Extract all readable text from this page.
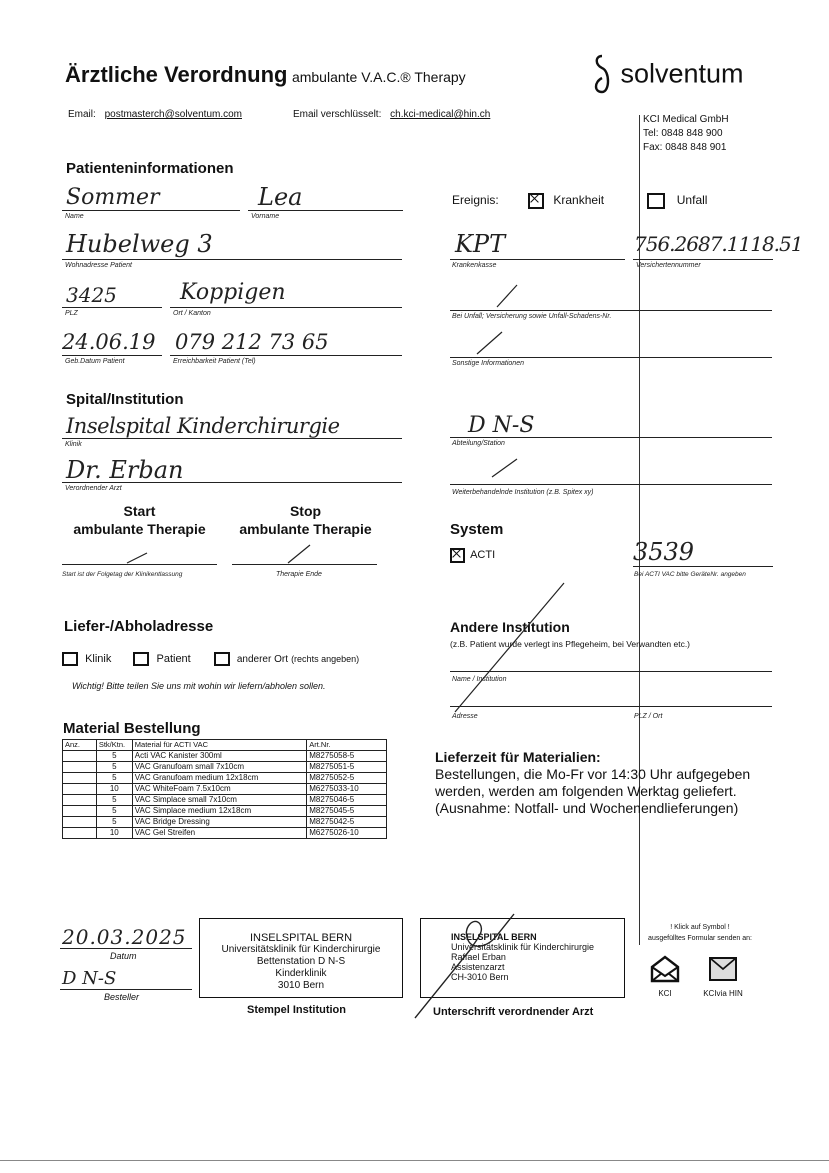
Ärztliche Verordnung ambulante V.A.C.® Therapy	solventum
Email: postmasterch@solventum.com	Email verschlüsselt: ch.kci-medical@hin.ch	KCI Medical GmbH
Tel: 0848 848 900
Fax: 0848 848 901
Patienteninformationen
Sommer
Name
Lea
Vorname
Hubelweg 3
Wohnadresse Patient
3425
PLZ
Koppigen
Ort / Kanton
24.06.19
Geb.Datum Patient
079 212 73 65
Erreichbarkeit Patient (Tel)
Ereignis:	Krankheit	Unfall
KPT
Krankenkasse
756.2687.1118.51
Versichertennummer
Bei Unfall; Versicherung sowie Unfall-Schadens-Nr.
Sonstige Informationen
Spital/Institution
Inselspital Kinderchirurgie
Klinik
Dr. Erban
Verordnender Arzt
D N-S
Abteilung/Station
Weiterbehandelnde Institution (z.B. Spitex xy)
Start
ambulante Therapie
Stop
ambulante Therapie
Start ist der Folgetag der Klinikentlassung	Therapie Ende
System
ACTI	3539
Bei ACTI VAC bitte GeräteNr. angeben
Liefer-/Abholadresse
Klinik	Patient	anderer Ort (rechts angeben)
Wichtig! Bitte teilen Sie uns mit wohin wir liefern/abholen sollen.
Andere Institution
(z.B. Patient wurde verlegt ins Pflegeheim, bei Verwandten etc.)
Name / Institution
Adresse	PLZ / Ort
Material Bestellung
Anz.	Stk/Ktn.	Material für ACTI VAC	Art.Nr.
	5	Acti VAC Kanister 300ml	M8275058-5
	5	VAC Granufoam small 7x10cm	M8275051-5
	5	VAC Granufoam medium 12x18cm	M8275052-5
	10	VAC WhiteFoam 7.5x10cm	M6275033-10
	5	VAC Simplace small 7x10cm	M8275046-5
	5	VAC Simplace medium 12x18cm	M8275045-5
	5	VAC Bridge Dressing	M8275042-5
	10	VAC Gel Streifen	M6275026-10
Lieferzeit für Materialien:
Bestellungen, die Mo-Fr vor 14:30 Uhr aufgegeben
werden, werden am folgenden Werktag geliefert.
(Ausnahme: Notfall- und Wochenendlieferungen)
20.03.2025
Datum
D N-S
Besteller
INSELSPITAL BERN
Universitätsklinik für Kinderchirurgie
Bettenstation D N-S
Kinderklinik
3010 Bern
Stempel Institution
INSELSPITAL BERN
Universitätsklinik für Kinderchirurgie
Raffael Erban
Assistenzarzt
CH-3010 Bern
Unterschrift verordnender Arzt
! Klick auf Symbol !
ausgefülltes Formular senden an:
KCI	KCIvia HIN
